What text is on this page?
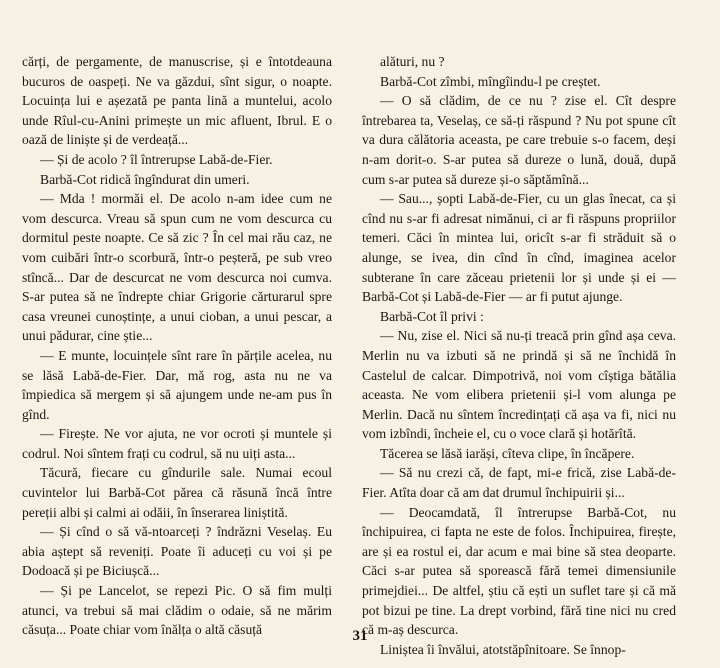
cărți, de pergamente, de manuscrise, și e întotdeauna bucuros de oaspeți. Ne va găzdui, sînt sigur, o noapte. Locuința lui e așezată pe panta lină a muntelui, acolo unde Rîul-cu-Anini primește un mic afluent, Ibrul. E o oază de liniște și de verdeață...

— Și de acolo ? îl întrerupse Labă-de-Fier.

Barbă-Cot ridică îngîndurat din umeri.

— Mda ! mormăi el. De acolo n-am idee cum ne vom descurca. Vreau să spun cum ne vom descurca cu dormitul peste noapte. Ce să zic ? În cel mai rău caz, ne vom cuibări într-o scorbură, într-o peșteră, pe sub vreo stîncă... Dar de descurcat ne vom descurca noi cumva. S-ar putea să ne îndrepte chiar Grigorie cărturarul spre casa vreunei cunoștințe, a unui cioban, a unui pescar, a unui pădurar, cine știe...

— E munte, locuințele sînt rare în părțile acelea, nu se lăsă Labă-de-Fier. Dar, mă rog, asta nu ne va împiedica să mergem și să ajungem unde ne-am pus în gînd.

— Firește. Ne vor ajuta, ne vor ocroti și muntele și codrul. Noi sîntem frați cu codrul, să nu uiți asta...

Tăcură, fiecare cu gîndurile sale. Numai ecoul cuvintelor lui Barbă-Cot părea că răsună încă între pereții albi și calmi ai odăii, în înserarea liniștită.

— Și cînd o să vă-ntoarceți ? îndrăzni Veselaș. Eu abia aștept să reveniți. Poate îi aduceți cu voi și pe Dodoacă și pe Biciușcă...

— Și pe Lancelot, se repezi Pic. O să fim mulți atunci, va trebui să mai clădim o odaie, să ne mărim căsuța... Poate chiar vom înălța o altă căsuță

alături, nu ?

Barbă-Cot zîmbi, mîngîindu-l pe creștet.

— O să clădim, de ce nu ? zise el. Cît despre întrebarea ta, Veselaș, ce să-ți răspund ? Nu pot spune cît va dura călătoria aceasta, pe care trebuie s-o facem, deși n-am dorit-o. S-ar putea să dureze o lună, două, după cum s-ar putea să dureze și-o săptămînă...

— Sau..., șopti Labă-de-Fier, cu un glas înecat, ca și cînd nu s-ar fi adresat nimănui, ci ar fi răspuns propriilor temeri. Căci în mintea lui, oricît s-ar fi străduit să o alunge, se ivea, din cînd în cînd, imaginea acelor subterane în care zăceau prietenii lor și unde și ei — Barbă-Cot și Labă-de-Fier — ar fi putut ajunge.

Barbă-Cot îl privi :

— Nu, zise el. Nici să nu-ți treacă prin gînd așa ceva. Merlin nu va izbuti să ne prindă și să ne închidă în Castelul de calcar. Dimpotrivă, noi vom cîștiga bătălia aceasta. Ne vom elibera prietenii și-l vom alunga pe Merlin. Dacă nu sîntem încredințați că așa va fi, nici nu vom izbîndi, încheie el, cu o voce clară și hotărîtă.

Tăcerea se lăsă iarăși, cîteva clipe, în încăpere.

— Să nu crezi că, de fapt, mi-e frică, zise Labă-de-Fier. Atîta doar că am dat drumul închipuirii și...

— Deocamdată, îl întrerupse Barbă-Cot, nu închipuirea, ci fapta ne este de folos. Închipuirea, firește, are și ea rostul ei, dar acum e mai bine să stea deoparte. Căci s-ar putea să sporească fără temei dimensiunile primejdiei... De altfel, știu că ești un suflet tare și că mă pot bizui pe tine. La drept vorbind, fără tine nici nu cred că m-aș descurca.

Liniștea îi învălui, atotstăpînitoare. Se înnop-

31
